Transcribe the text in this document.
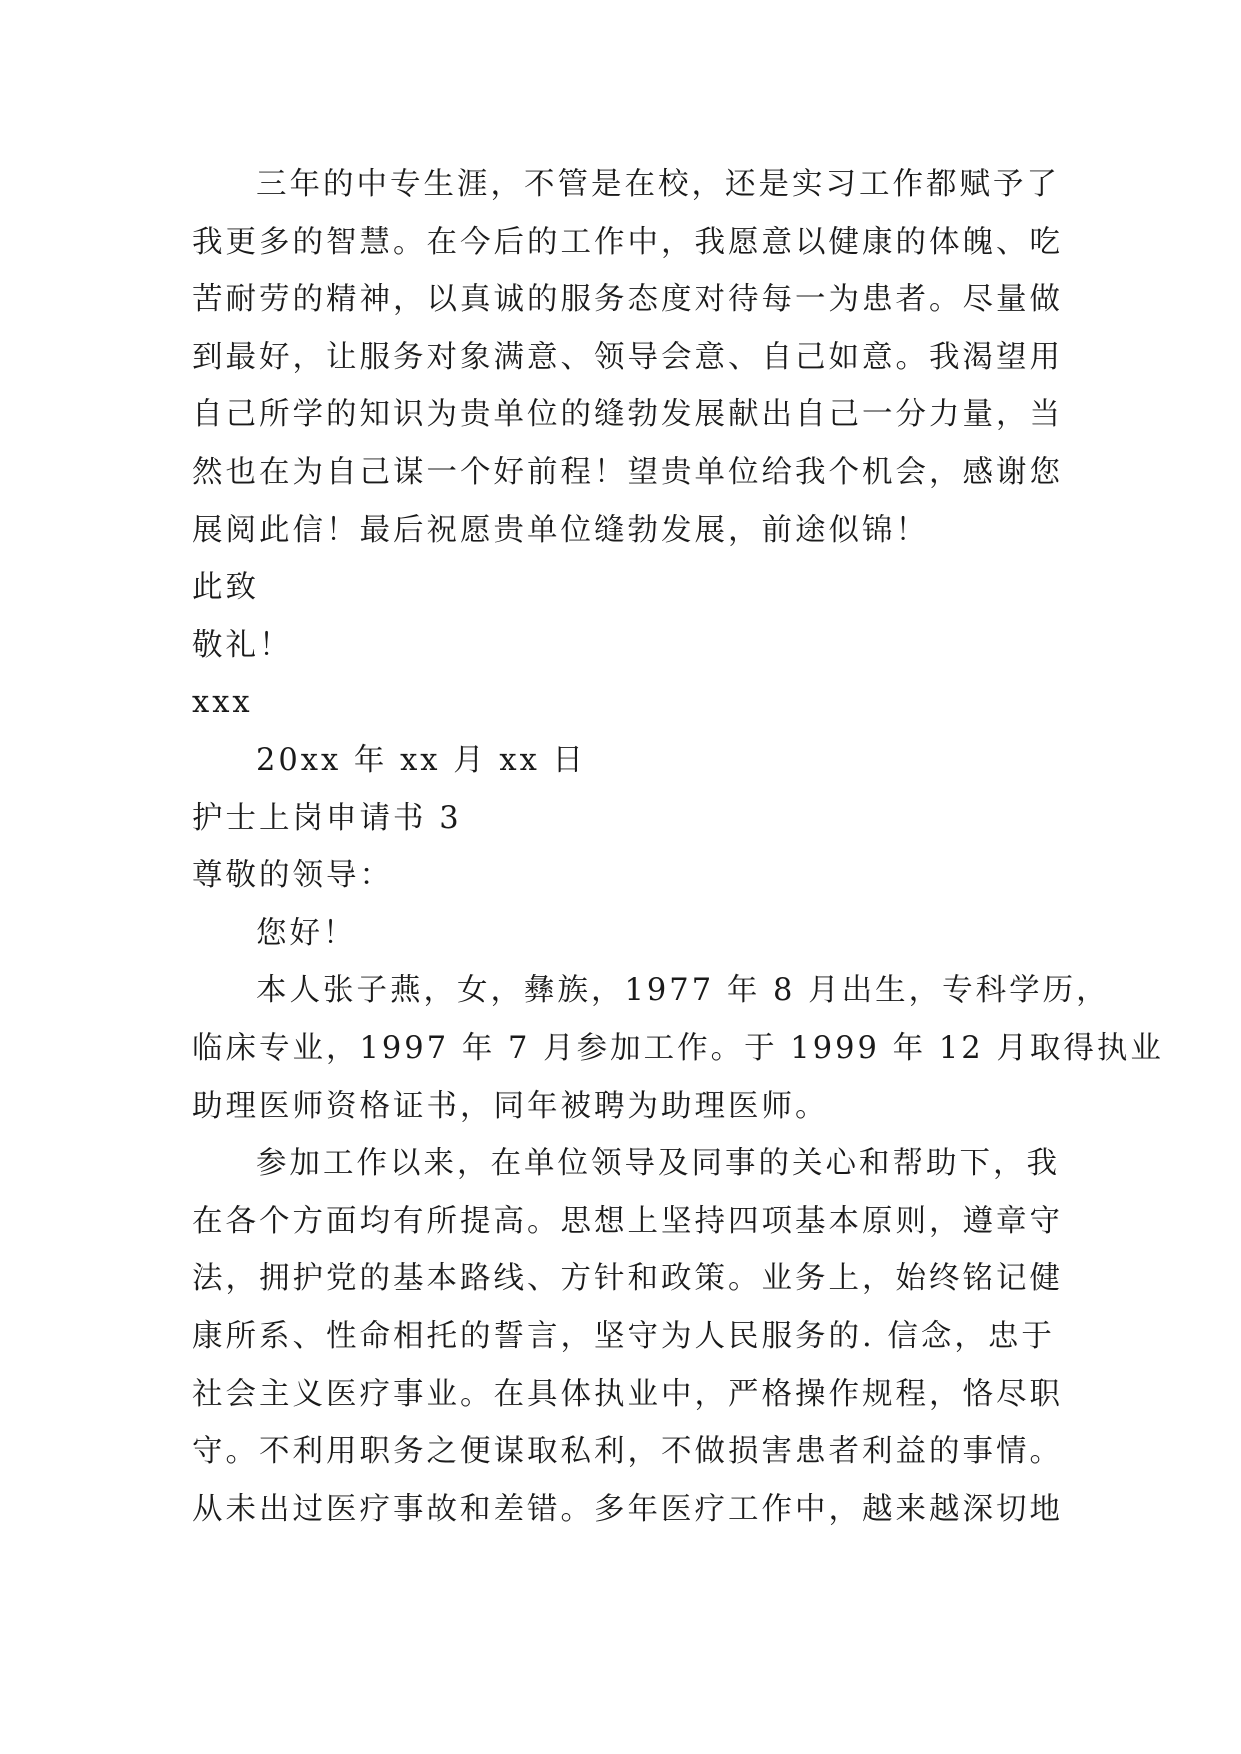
三年的中专生涯，不管是在校，还是实习工作都赋予了
我更多的智慧。在今后的工作中，我愿意以健康的体魄、吃
苦耐劳的精神，以真诚的服务态度对待每一为患者。尽量做
到最好，让服务对象满意、领导会意、自己如意。我渴望用
自己所学的知识为贵单位的缝勃发展献出自己一分力量，当
然也在为自己谋一个好前程！望贵单位给我个机会，感谢您
展阅此信！最后祝愿贵单位缝勃发展，前途似锦！
此致
敬礼！
xxx
20xx 年 xx 月 xx 日
护士上岗申请书 3
尊敬的领导：
您好！
本人张子燕，女，彝族，1977 年 8 月出生，专科学历，
临床专业，1997 年 7 月参加工作。于 1999 年 12 月取得执业
助理医师资格证书，同年被聘为助理医师。
参加工作以来，在单位领导及同事的关心和帮助下，我
在各个方面均有所提高。思想上坚持四项基本原则，遵章守
法，拥护党的基本路线、方针和政策。业务上，始终铭记健
康所系、性命相托的誓言，坚守为人民服务的. 信念，忠于
社会主义医疗事业。在具体执业中，严格操作规程，恪尽职
守。不利用职务之便谋取私利，不做损害患者利益的事情。
从未出过医疗事故和差错。多年医疗工作中，越来越深切地
